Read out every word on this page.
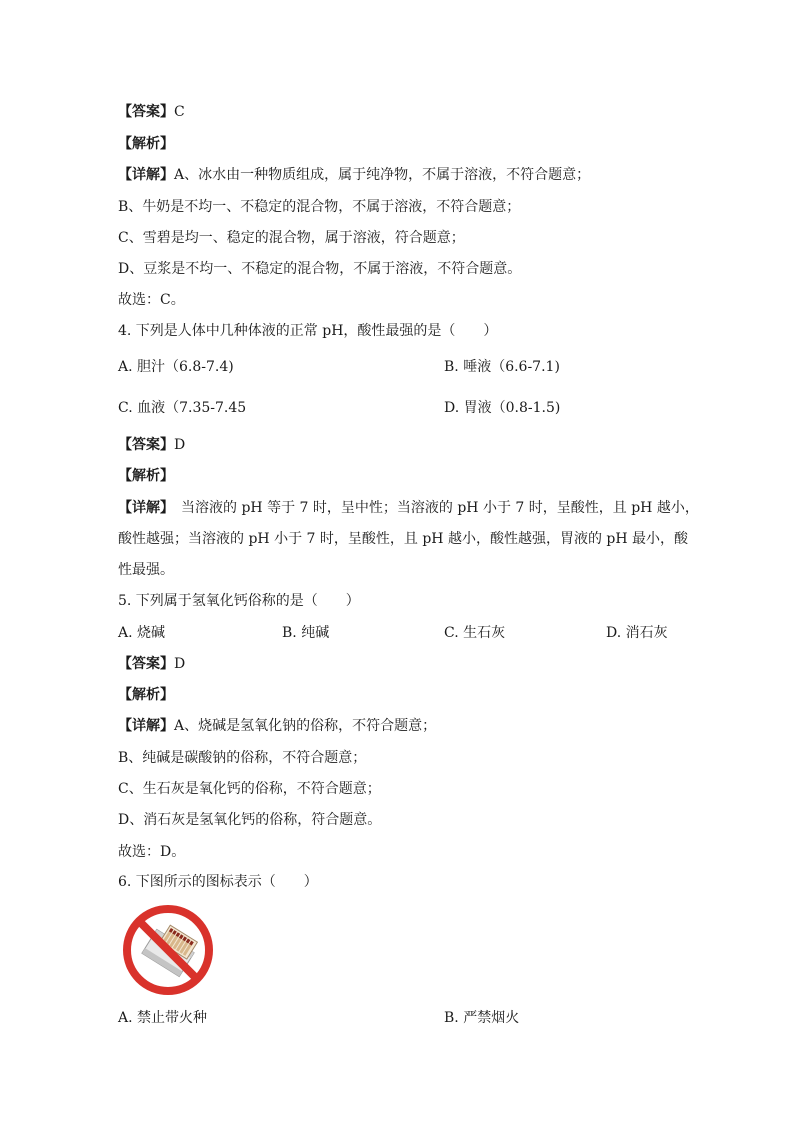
【答案】C
【解析】
【详解】A、冰水由一种物质组成，属于纯净物，不属于溶液，不符合题意；
B、牛奶是不均一、不稳定的混合物，不属于溶液，不符合题意；
C、雪碧是均一、稳定的混合物，属于溶液，符合题意；
D、豆浆是不均一、不稳定的混合物，不属于溶液，不符合题意。
故选：C。
4. 下列是人体中几种体液的正常 pH，酸性最强的是（　　）
A. 胆汁（6.8-7.4)	B. 唾液（6.6-7.1)
C. 血液（7.35-7.45	D. 胃液（0.8-1.5)
【答案】D
【解析】
【详解】　当溶液的 pH 等于 7 时，呈中性；当溶液的 pH 小于 7 时，呈酸性，且 pH 越小，
酸性越强；当溶液的 pH 小于 7 时，呈酸性，且 pH 越小，酸性越强，胃液的 pH 最小，酸
性最强。
5. 下列属于氢氧化钙俗称的是（　　）
A. 烧碱	B. 纯碱	C. 生石灰	D. 消石灰
【答案】D
【解析】
【详解】A、烧碱是氢氧化钠的俗称，不符合题意；
B、纯碱是碳酸钠的俗称，不符合题意；
C、生石灰是氧化钙的俗称，不符合题意；
D、消石灰是氢氧化钙的俗称，符合题意。
故选：D。
6. 下图所示的图标表示（　　）
A. 禁止带火种	B. 严禁烟火
